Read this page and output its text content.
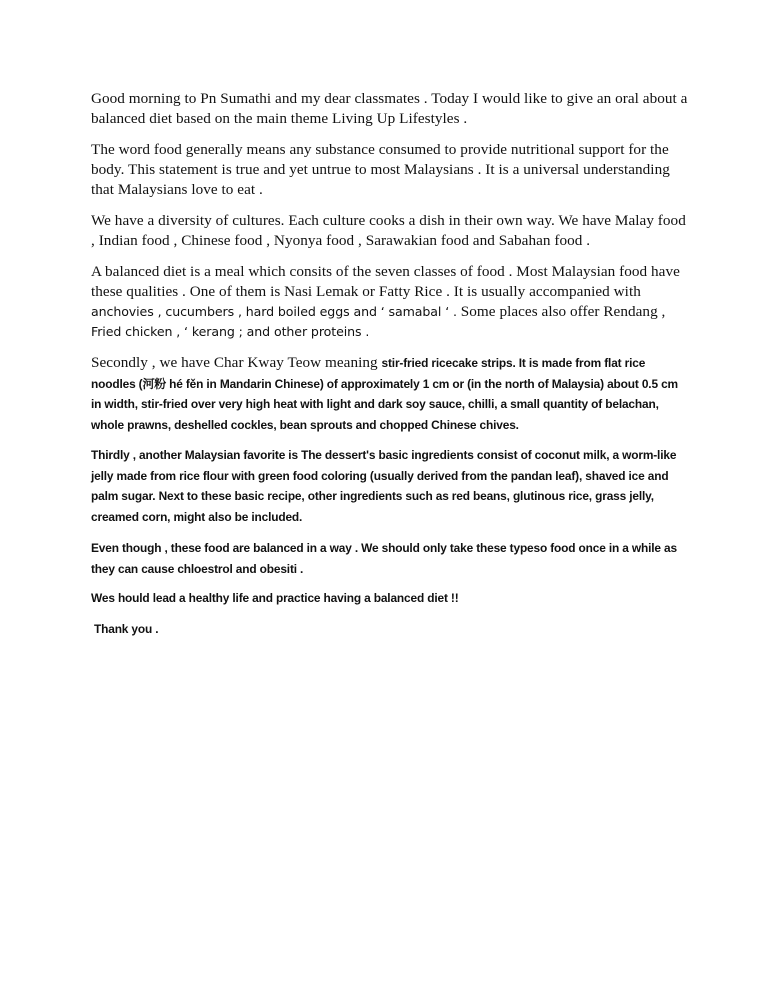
Good morning to Pn Sumathi and my dear classmates . Today I would like to give an oral about a balanced diet based on the main theme Living Up Lifestyles .

The word food generally means any substance consumed to provide nutritional support for the body. This statement is true and yet untrue to most Malaysians . It is a universal understanding that Malaysians love to eat .

We have a diversity of cultures. Each culture cooks a dish in their own way. We have Malay food , Indian food , Chinese food , Nyonya food , Sarawakian food and Sabahan food .

A balanced diet is a meal which consits of the seven classes of food . Most Malaysian food have these qualities . One of them is Nasi Lemak or Fatty Rice . It is usually accompanied with anchovies , cucumbers , hard boiled eggs and ‘ samabal ‘ . Some places also offer Rendang , Fried chicken , ‘ kerang ; and other proteins .

Secondly , we have Char Kway Teow meaning stir-fried ricecake strips. It is made from flat rice noodles (河粉 hé fěn in Mandarin Chinese) of approximately 1 cm or (in the north of Malaysia) about 0.5 cm in width, stir-fried over very high heat with light and dark soy sauce, chilli, a small quantity of belachan, whole prawns, deshelled cockles, bean sprouts and chopped Chinese chives.

Thirdly , another Malaysian favorite is The dessert's basic ingredients consist of coconut milk, a worm-like jelly made from rice flour with green food coloring (usually derived from the pandan leaf), shaved ice and palm sugar. Next to these basic recipe, other ingredients such as red beans, glutinous rice, grass jelly, creamed corn, might also be included.

Even though , these food are balanced in a way . We should only take these typeso food once in a while as they can cause chloestrol and obesiti .

Wes hould lead a healthy life and practice having a balanced diet !!

Thank you .
